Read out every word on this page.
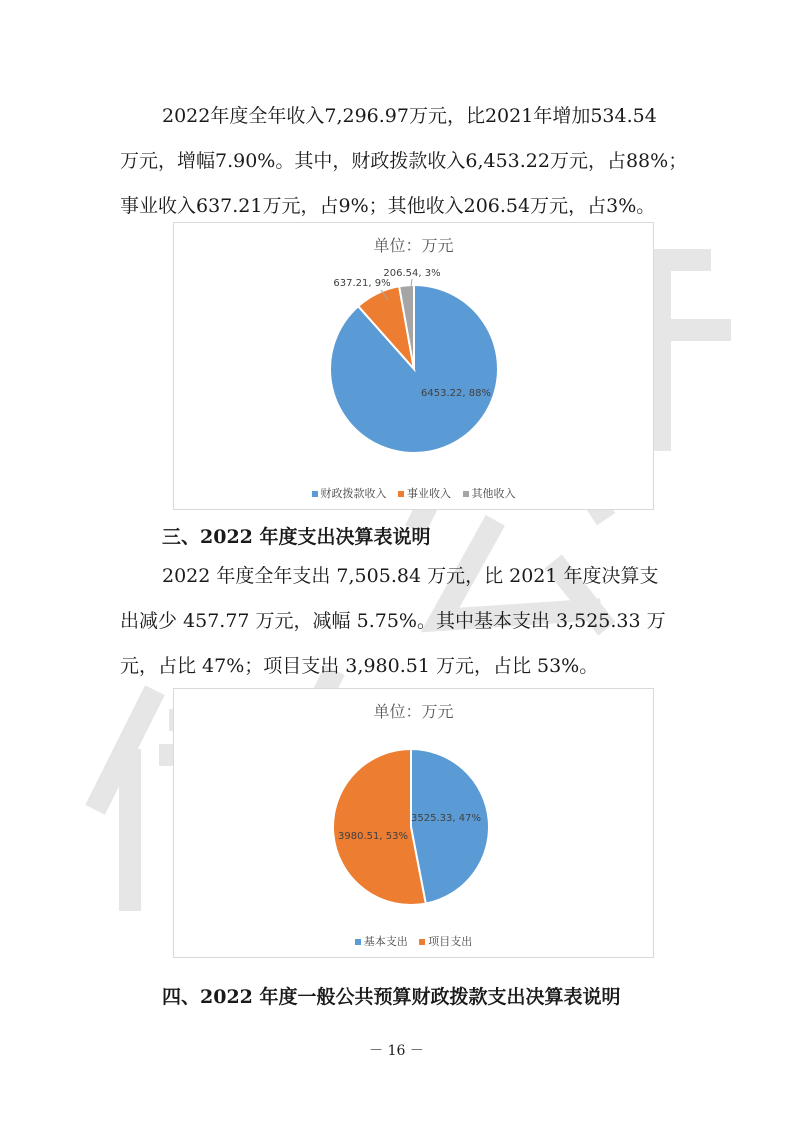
2022年度全年收入7,296.97万元，比2021年增加534.54
万元，增幅7.90%。其中，财政拨款收入6,453.22万元，占88%；
事业收入637.21万元，占9%；其他收入206.54万元，占3%。
单位：万元
6453.22, 88%
637.21, 9%
206.54, 3%
财政拨款收入 事业收入 其他收入
三、2022 年度支出决算表说明
2022 年度全年支出 7,505.84 万元，比 2021 年度决算支
出减少 457.77 万元，减幅 5.75%。其中基本支出 3,525.33 万
元，占比 47%；项目支出 3,980.51 万元，占比 53%。
单位：万元
3525.33, 47%
3980.51, 53%
基本支出 项目支出
四、2022 年度一般公共预算财政拨款支出决算表说明
－ 16 －
